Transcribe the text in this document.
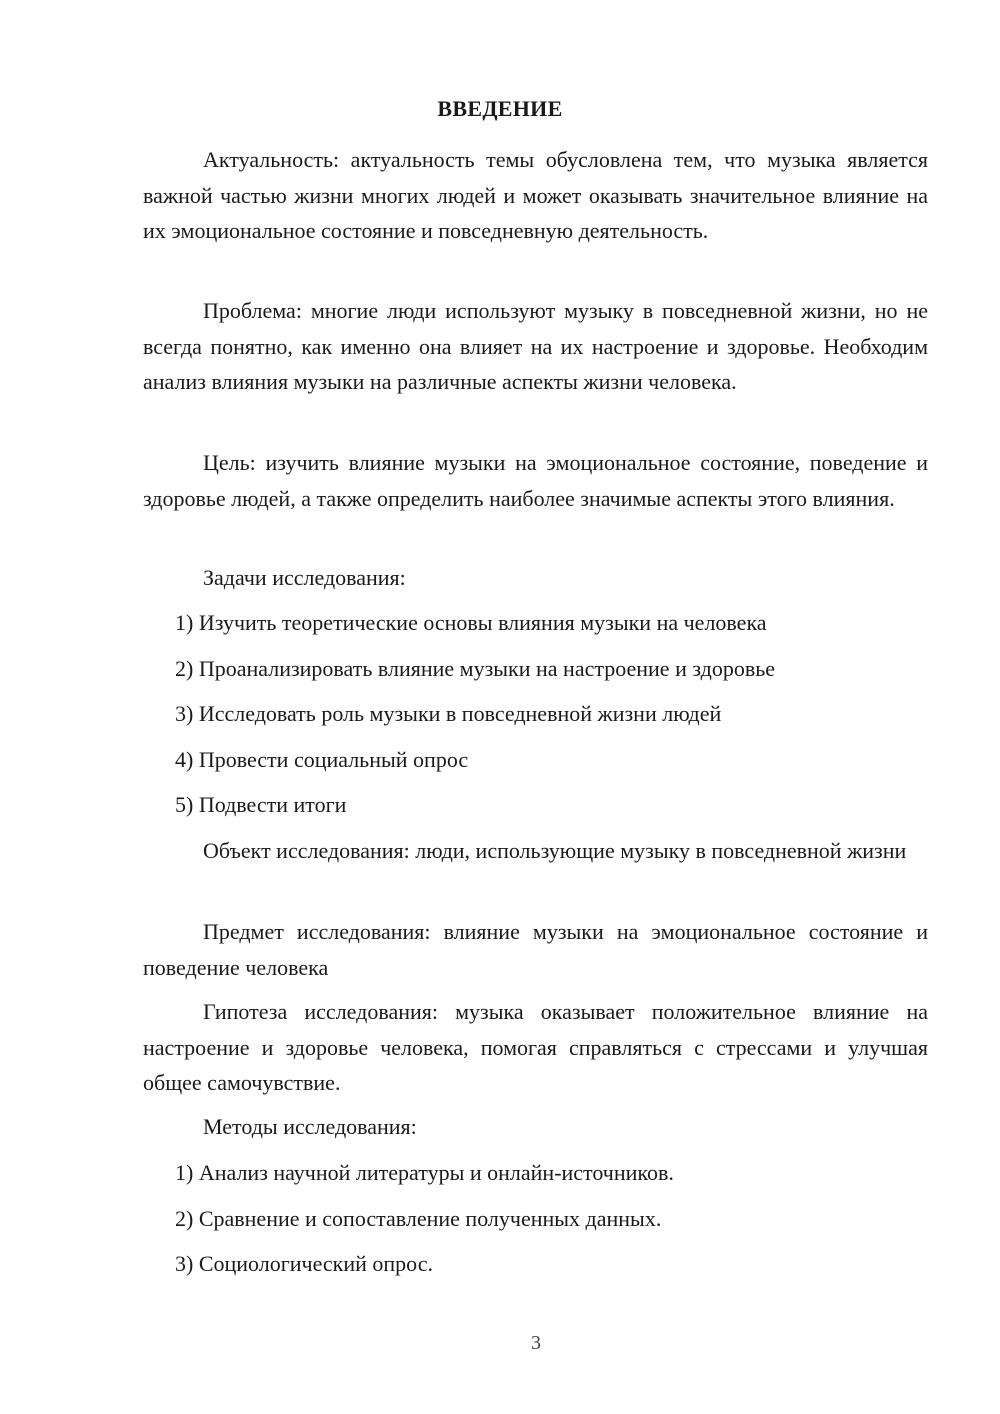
ВВЕДЕНИЕ

Актуальность: актуальность темы обусловлена тем, что музыка является важной частью жизни многих людей и может оказывать значительное влияние на их эмоциональное состояние и повседневную деятельность.

Проблема: многие люди используют музыку в повседневной жизни, но не всегда понятно, как именно она влияет на их настроение и здоровье. Необходим анализ влияния музыки на различные аспекты жизни человека.

Цель: изучить влияние музыки на эмоциональное состояние, поведение и здоровье людей, а также определить наиболее значимые аспекты этого влияния.

Задачи исследования:

1) Изучить теоретические основы влияния музыки на человека

2) Проанализировать влияние музыки на настроение и здоровье

3) Исследовать роль музыки в повседневной жизни людей

4) Провести социальный опрос

5) Подвести итоги

Объект исследования: люди, использующие музыку в повседневной жизни

Предмет исследования: влияние музыки на эмоциональное состояние и поведение человека

Гипотеза исследования: музыка оказывает положительное влияние на настроение и здоровье человека, помогая справляться с стрессами и улучшая общее самочувствие.

Методы исследования:

1) Анализ научной литературы и онлайн-источников.

2) Сравнение и сопоставление полученных данных.

3) Социологический опрос.

3
